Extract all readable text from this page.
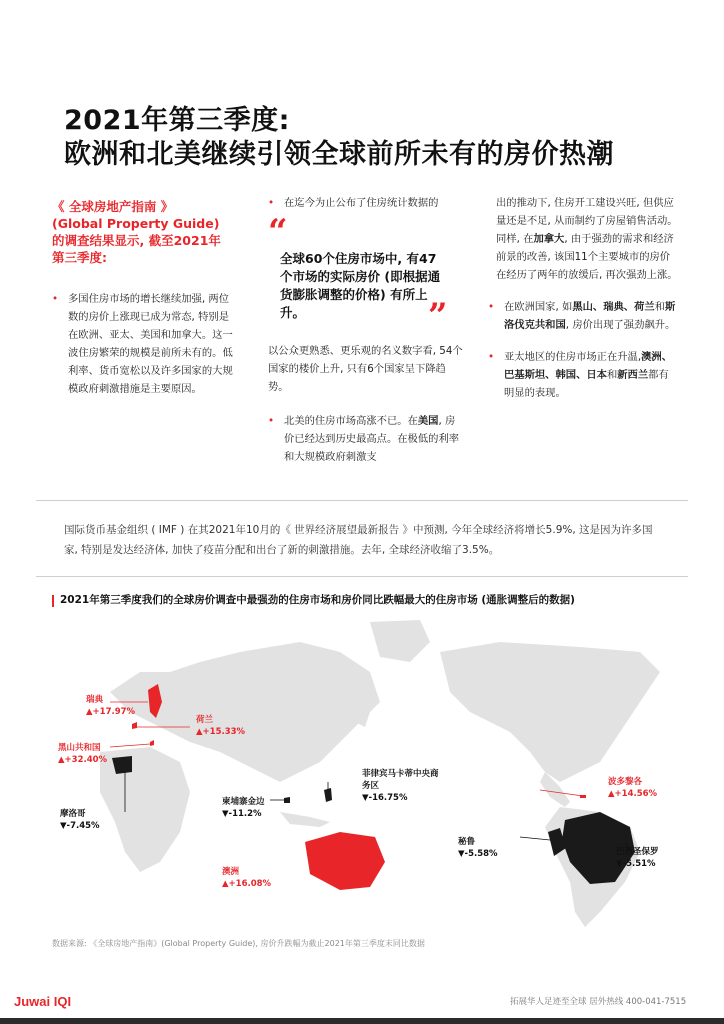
2021年第三季度:
欧洲和北美继续引领全球前所未有的房价热潮
《 全球房地产指南 》 (Global Property Guide) 的调查结果显示, 截至2021年第三季度:
• 多国住房市场的增长继续加强, 两位数的房价上涨现已成为常态, 特别是在欧洲、亚太、美国和加拿大。这一波住房繁荣的规模是前所未有的。低利率、货币宽松以及许多国家的大规模政府刺激措施是主要原因。
• 在迄今为止公布了住房统计数据的
“
全球60个住房市场中, 有47个市场的实际房价 (即根据通货膨胀调整的价格) 有所上升。	”
以公众更熟悉、更乐观的名义数字看, 54个国家的楼价上升, 只有6个国家呈下降趋势。
• 北美的住房市场高涨不已。在美国, 房价已经达到历史最高点。在极低的利率和大规模政府刺激支
出的推动下, 住房开工建设兴旺, 但供应量还是不足, 从而制约了房屋销售活动。同样, 在加拿大, 由于强劲的需求和经济前景的改善, 该国11个主要城市的房价在经历了两年的放缓后, 再次强劲上涨。
• 在欧洲国家, 如黑山、瑞典、荷兰和斯洛伐克共和国, 房价出现了强劲飙升。
• 亚太地区的住房市场正在升温,澳洲、巴基斯坦、韩国、日本和新西兰都有明显的表现。
国际货币基金组织 ( IMF ) 在其2021年10月的《 世界经济展望最新报告 》中预测, 今年全球经济将增长5.9%, 这是因为许多国家, 特别是发达经济体, 加快了疫苗分配和出台了新的刺激措施。去年, 全球经济收缩了3.5%。
2021年第三季度我们的全球房价调查中最强劲的住房市场和房价同比跌幅最大的住房市场 (通胀调整后的数据)
瑞典
▲+17.97%
荷兰
▲+15.33%
黑山共和国
▲+32.40%
摩洛哥
▼-7.45%
柬埔寨金边
▼-11.2%
菲律宾马卡蒂中央商务区
▼-16.75%
澳洲
▲+16.08%
波多黎各
▲+14.56%
秘鲁
▼-5.58%	巴西圣保罗
▼-5.51%
数据来源: 《全球房地产指南》(Global Property Guide), 房价升跌幅为截止2021年第三季度末同比数据
Juwai IQI	拓展华人足迹至全球 居外热线 400-041-7515
